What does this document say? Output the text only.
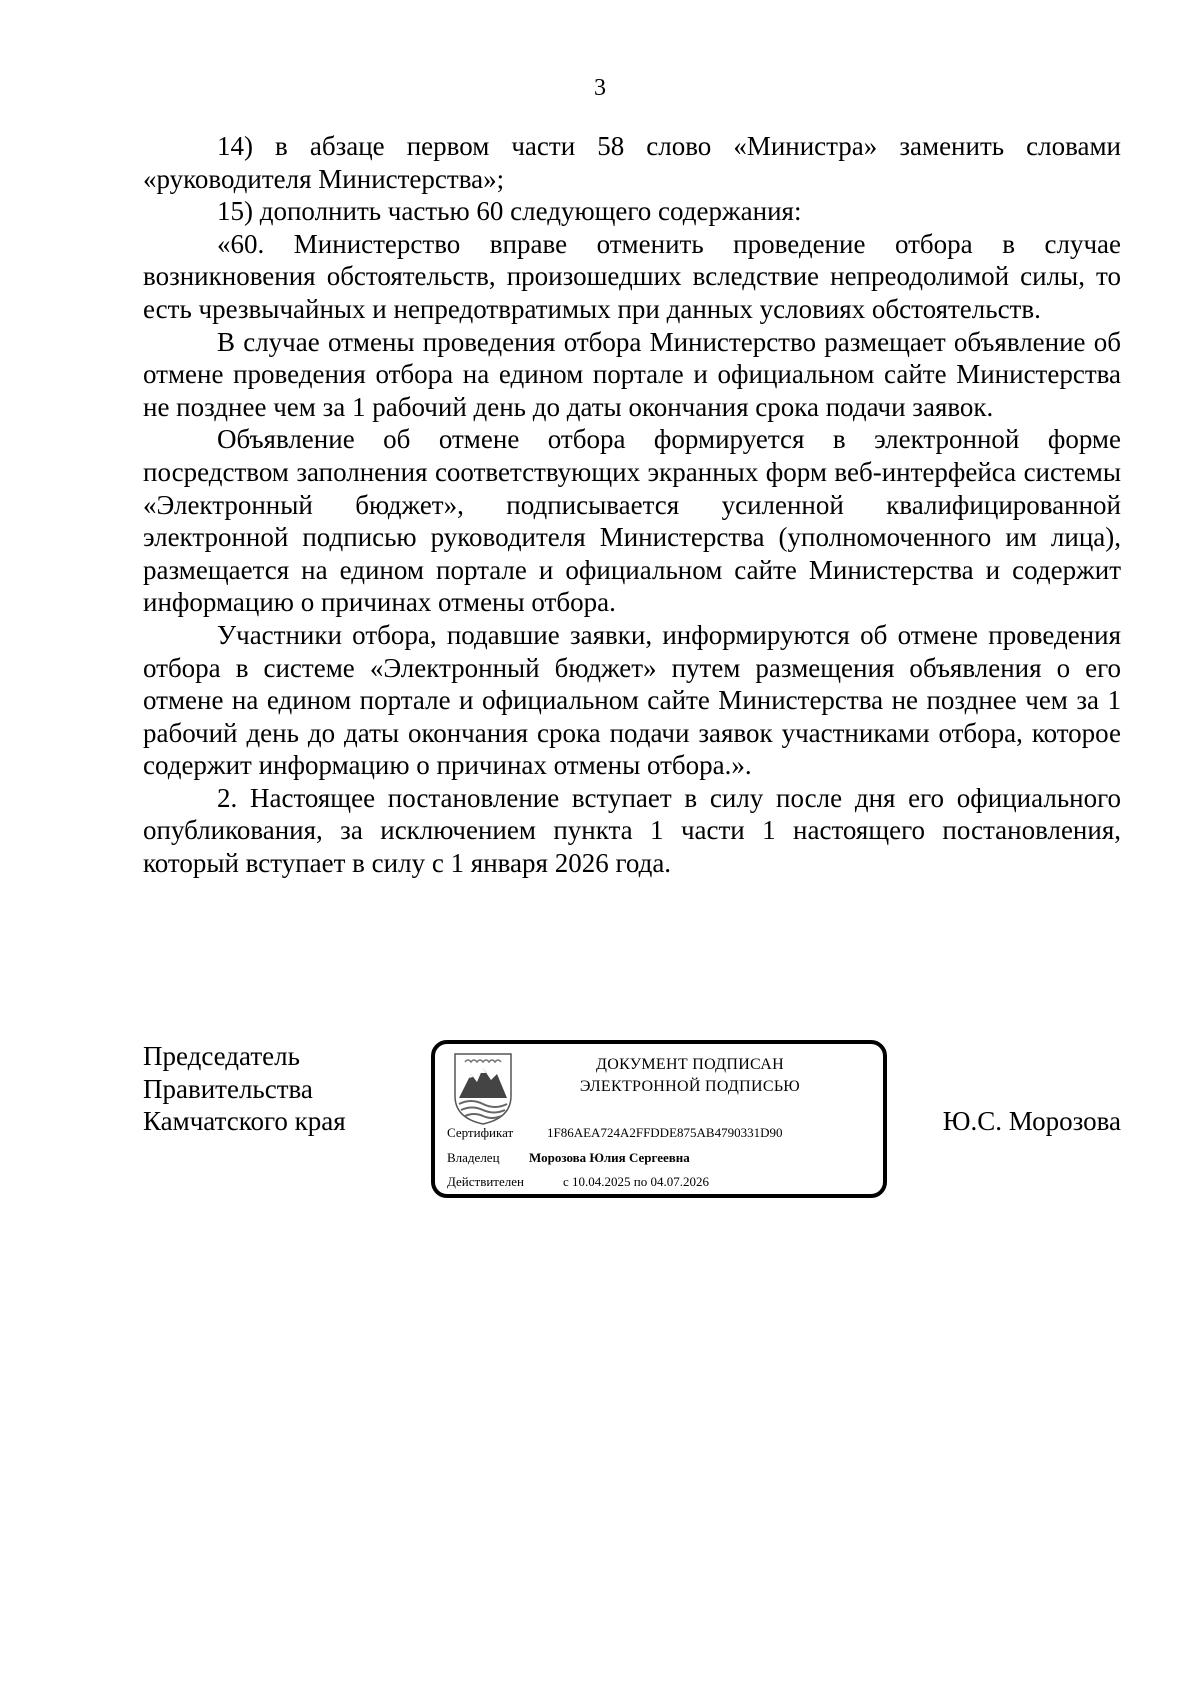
3

14) в абзаце первом части 58 слово «Министра» заменить словами «руководителя Министерства»;

15) дополнить частью 60 следующего содержания:

«60. Министерство вправе отменить проведение отбора в случае возникновения обстоятельств, произошедших вследствие непреодолимой силы, то есть чрезвычайных и непредотвратимых при данных условиях обстоятельств.

В случае отмены проведения отбора Министерство размещает объявление об отмене проведения отбора на едином портале и официальном сайте Министерства не позднее чем за 1 рабочий день до даты окончания срока подачи заявок.

Объявление об отмене отбора формируется в электронной форме посредством заполнения соответствующих экранных форм веб-интерфейса системы «Электронный бюджет», подписывается усиленной квалифицированной электронной подписью руководителя Министерства (уполномоченного им лица), размещается на едином портале и официальном сайте Министерства и содержит информацию о причинах отмены отбора.

Участники отбора, подавшие заявки, информируются об отмене проведения отбора в системе «Электронный бюджет» путем размещения объявления о его отмене на едином портале и официальном сайте Министерства не позднее чем за 1 рабочий день до даты окончания срока подачи заявок участниками отбора, которое содержит информацию о причинах отмены отбора.».

2. Настоящее постановление вступает в силу после дня его официального опубликования, за исключением пункта 1 части 1 настоящего постановления, который вступает в силу с 1 января 2026 года.

Председатель
Правительства
Камчатского края
ДОКУМЕНТ ПОДПИСАН
ЭЛЕКТРОННОЙ ПОДПИСЬЮ
Сертификат	1F86AEA724A2FFDDE875AB4790331D90
Владелец Морозова Юлия Сергеевна
Действителен	с 10.04.2025 по 04.07.2026
Ю.С. Морозова
